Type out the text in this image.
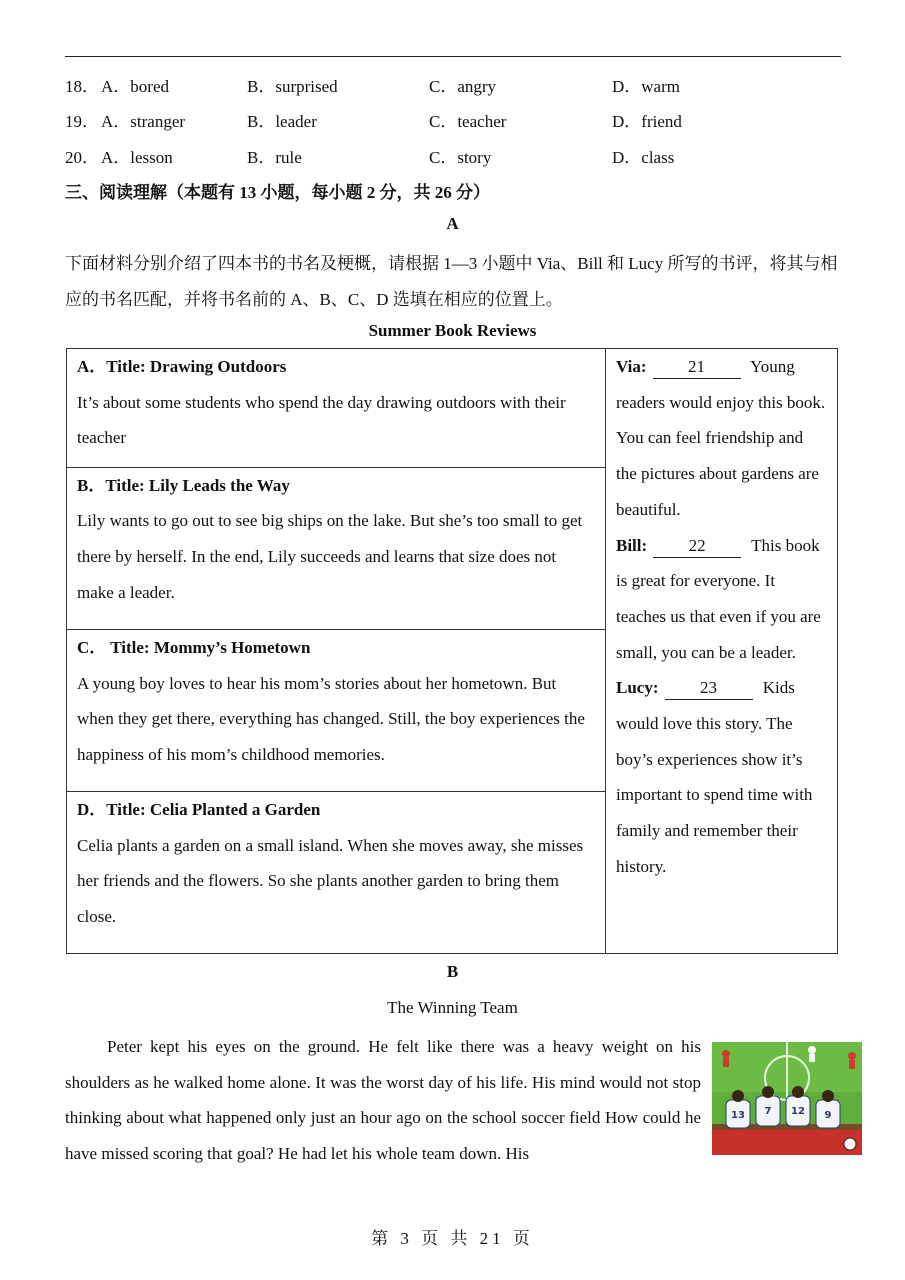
18． A．bored	B．surprised	C．angry	D．warm
19． A．stranger	B．leader	C．teacher	D．friend
20． A．lesson	B．rule	C．story	D．class
三、阅读理解（本题有 13 小题，每小题 2 分，共 26 分）
A
下面材料分别介绍了四本书的书名及梗概，请根据 1—3 小题中 Via、Bill 和 Lucy 所写的书评，将其与相应的书名匹配，并将书名前的 A、B、C、D 选填在相应的位置上。
Summer Book Reviews
A．Title: Drawing Outdoors
It’s about some students who spend the day drawing outdoors with their teacher

Via: 21	Young readers would enjoy this book. You can feel friendship and the pictures about gardens are beautiful.
Bill: 22	This book is great for everyone. It teaches us that even if you are small, you can be a leader.
Lucy: 23	Kids would love this story. The boy’s experiences show it’s important to spend time with family and remember their history.

B．Title: Lily Leads the Way
Lily wants to go out to see big ships on the lake. But she’s too small to get there by herself. In the end, Lily succeeds and learns that size does not make a leader.

C． Title: Mommy’s Hometown
A young boy loves to hear his mom’s stories about her hometown. But when they get there, everything has changed. Still, the boy experiences the happiness of his mom’s childhood memories.

D．Title: Celia Planted a Garden
Celia plants a garden on a small island. When she moves away, she misses her friends and the flowers. So she plants another garden to bring them close.
B
The Winning Team
Peter kept his eyes on the ground. He felt like there was a heavy weight on his shoulders as he walked home alone. It was the worst day of his life. His mind would not stop thinking about what happened only just an hour ago on the school soccer field How could he have missed scoring that goal? He had let his whole team down. His
13 7 12 9
第 3 页 共 21 页
